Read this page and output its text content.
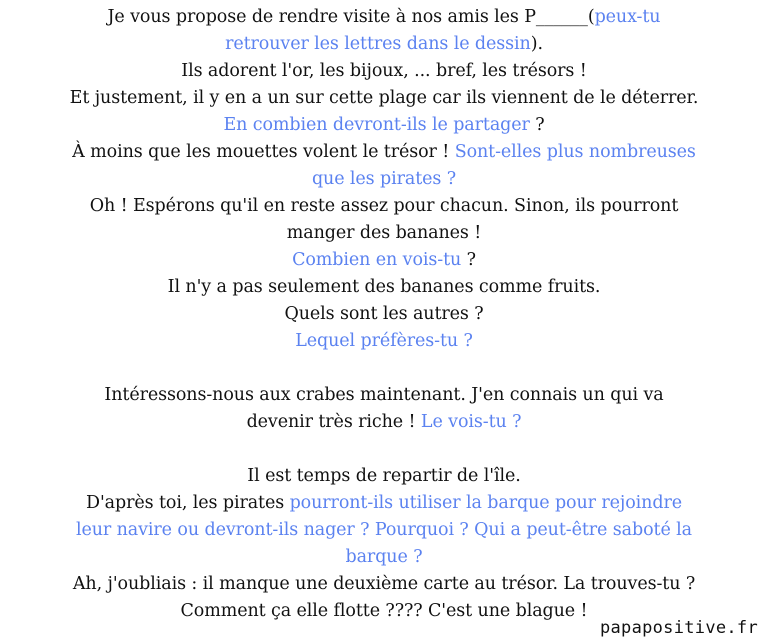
Je vous propose de rendre visite à nos amis les P______(peux-tu
retrouver les lettres dans le dessin).
Ils adorent l'or, les bijoux, ... bref, les trésors !
Et justement, il y en a un sur cette plage car ils viennent de le déterrer.
En combien devront-ils le partager ?
À moins que les mouettes volent le trésor ! Sont-elles plus nombreuses
que les pirates ?
Oh ! Espérons qu'il en reste assez pour chacun. Sinon, ils pourront
manger des bananes !
Combien en vois-tu ?
Il n'y a pas seulement des bananes comme fruits.
Quels sont les autres ?
Lequel préfères-tu ?
Intéressons-nous aux crabes maintenant. J'en connais un qui va
devenir très riche ! Le vois-tu ?
Il est temps de repartir de l'île.
D'après toi, les pirates pourront-ils utiliser la barque pour rejoindre
leur navire ou devront-ils nager ? Pourquoi ? Qui a peut-être saboté la
barque ?
Ah, j'oubliais : il manque une deuxième carte au trésor. La trouves-tu ?
Comment ça elle flotte ???? C'est une blague !
papapositive.fr
